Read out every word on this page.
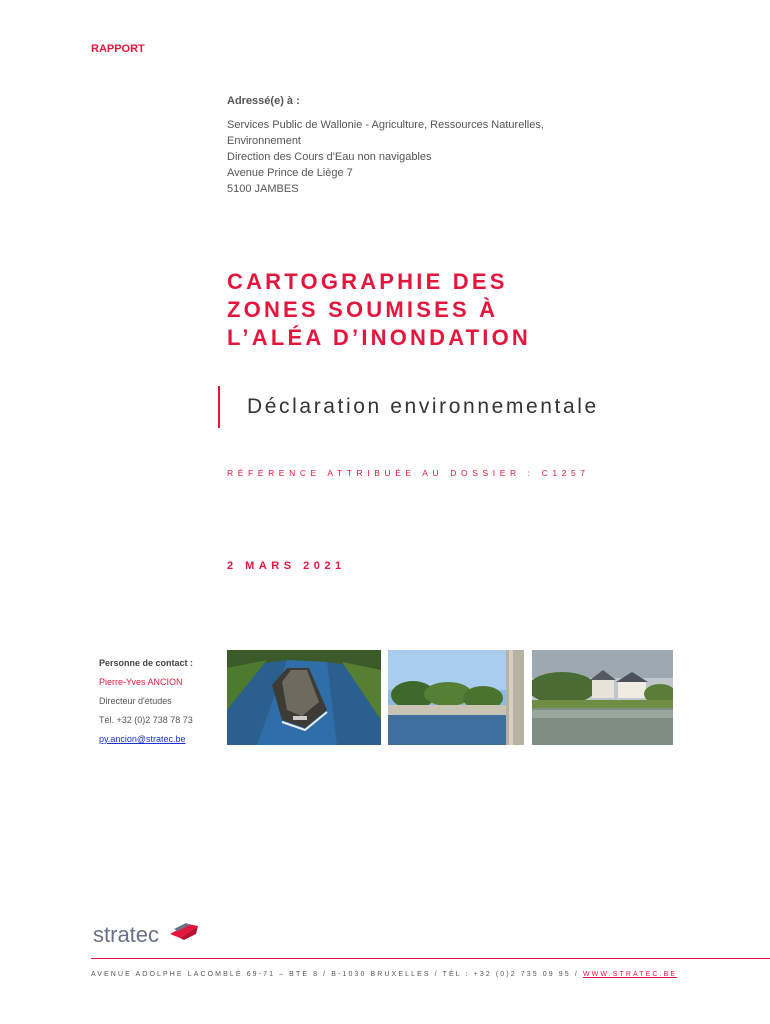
RAPPORT
Adressé(e) à :
Services Public de Wallonie - Agriculture, Ressources Naturelles,
Environnement
Direction des Cours d'Eau non navigables
Avenue Prince de Liège 7
5100 JAMBES
CARTOGRAPHIE DES
ZONES SOUMISES À
L’ALÉA D’INONDATION
Déclaration environnementale
RÉFÉRENCE ATTRIBUÉE AU DOSSIER : C1257
2 MARS 2021
Personne de contact :
Pierre-Yves ANCION
Directeur d'études
Tél. +32 (0)2 738 78 73
py.ancion@stratec.be
stratec
AVENUE ADOLPHE LACOMBLÉ 69-71 – BTE 8 / B-1030 BRUXELLES / TÉL : +32 (0)2 735 09 95 / WWW.STRATEC.BE
